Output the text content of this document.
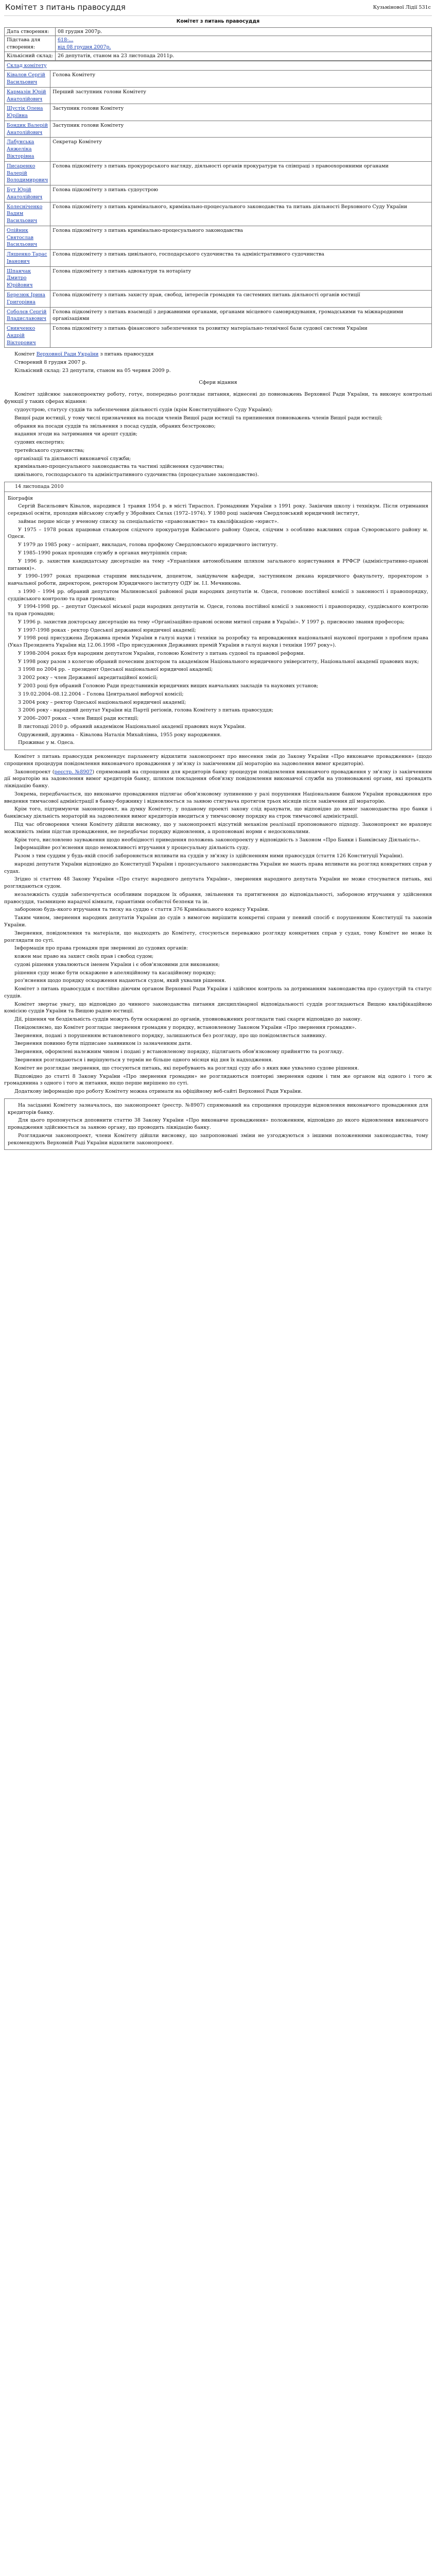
Комітет з питань правосуддя	Кузьмінової Лідії 531с
Комітет з питань правосуддя
Дата створення:	08 грудня 2007р.
Підстава для створення:	618-...
від 08 грудня 2007р.
Кількісний склад:	26 депутатів, станом на 23 листопада 2011р.
Склад комітету	
Ківалов Сергій Васильович	Голова Комітету
Кармазін Юрій Анатолійович	Перший заступник голови Комітету
Шустік Олена Юріївна	Заступник голови Комітету
Бондик Валерій Анатолійович	Заступник голови Комітету
Лабунська Анжеліка Вікторівна	Секретар Комітету
Писаренко Валерій Володимирович	Голова підкомітету з питань прокурорського нагляду, діяльності органів прокуратури та співпраці з правоохоронними органами
Бут Юрій Анатолійович	Голова підкомітету з питань судоустрою
Колесніченко Вадим Васильович	Голова підкомітету з питань кримінального, кримінально-процесуального законодавства та питань діяльності Верховного Суду України
Олійник Святослав Васильович	Голова підкомітету з питань кримінально-процесуального законодавства
Ляшенко Тарас Іванович	Голова підкомітету з питань цивільного, господарського судочинства та адміністративного судочинства
Шпанчак Дмитро Юрійович	Голова підкомітету з питань адвокатури та нотаріату
Березюк Ірина Григорівна	Голова підкомітету з питань захисту прав, свобод, інтересів громадян та системних питань діяльності органів юстиції
Соболєв Сергій Владиславович	Голова підкомітету з питань взаємодії з державними органами, органами місцевого самоврядування, громадськими та міжнародними організаціями
Свинченко Андрій Вікторович	Голова підкомітету з питань фінансового забезпечення та розвитку матеріально-технічної бази судової системи України

Комітет Верховної Ради України з питань правосуддя

Створений 8 грудня 2007 р.

Кількісний склад: 23 депутати, станом на 05 червня 2009 р.

Сфери відання

Комітет здійснює законопроектну роботу, готує, попередньо розглядає питання, віднесені до повноважень Верховної Ради України, та виконує контрольні функції у таких сферах відання:

судоустрою, статусу суддів та забезпечення діяльності судів (крім Конституційного Суду України);

Вищої ради юстиції, у тому числі призначення на посади членів Вищої ради юстиції та припинення повноважень членів Вищої ради юстиції;

обрання на посади суддів та звільнення з посад суддів, обраних безстроково;

надання згоди на затримання чи арешт суддів;

судових експертиз;

третейського судочинства;

організації та діяльності виконавчої служби;

кримінально-процесуального законодавства та частині здійснення судочинства;

цивільного, господарського та адміністративного судочинства (процесуальне законодавство).

14 листопада 2010

Біографія

Сергій Васильович Ківалов, народився 1 травня 1954 р. в місті Тираспол. Громадянин України з 1991 року. Закінчив школу і технікум. Після отримання середньої освіти, проходив військову службу у Збройних Силах (1972–1974). У 1980 році закінчив Свердловський юридичний інститут,

займає перше місце у вченому списку за спеціальністю «правознавство» та кваліфікацією «юрист».

У 1975 – 1978 роках працював стажером слідчого прокуратури Київського району Одеси, слідчим з особливо важливих справ Суворовського району м. Одеси.

У 1979 до 1985 року – аспірант, викладач, голова профкому Свердловського юридичного інституту.

У 1985–1990 роках проходив службу в органах внутрішніх справ;

У 1996 р. захистив кандидатську дисертацію на тему «Управління автомобільним шляхом загального користування в РРФСР (адміністративно-правові питання)».

У 1990–1997 роках працював старшим викладачем, доцентом, завідувачем кафедри, заступником декана юридичного факультету, проректором з навчальної роботи, директором, ректором Юридичного інституту ОДУ ім. І.І. Мечникова.

з 1990 – 1994 рр. обраний депутатом Малиновської районної ради народних депутатів м. Одеси, головою постійної комісії з законності і правопорядку, суддівського контролю та прав громадян;

У 1994-1998 рр. – депутат Одеської міської ради народних депутатів м. Одеси, голова постійної комісії з законності і правопорядку, суддівського контролю та прав громадян;

У 1996 р. захистив докторську дисертацію на тему «Організаційно-правові основи митної справи в Україні». У 1997 р. присвоєно звання професора;

У 1997-1998 роках - ректор Одеської державної юридичної академії;

У 1998 році присуджена Державна премія України в галузі науки і техніки за розробку та впровадження національної наукової програми з проблем права (Указ Президента України від 12.06.1998 «Про присудження Державних премій України в галузі науки і техніки 1997 року»).

У 1998-2004 роках був народним депутатом України, головою Комітету з питань судової та правової реформи.

У 1998 року разом з колегою обраний почесним доктором та академіком Національного юридичного університету, Національної академії правових наук;

З 1998 по 2004 рр. – президент Одеської національної юридичної академії;

З 2002 року – член Державної акредитаційної комісії;

У 2003 році був обраний Головою Ради представників юридичних вищих навчальних закладів та наукових установ;

З 19.02.2004–08.12.2004 – Голова Центральної виборчої комісії;

З 2004 року – ректор Одеської національної юридичної академії;

З 2006 року - народний депутат України від Партії регіонів, голова Комітету з питань правосуддя;

У 2006–2007 роках – член Вищої ради юстиції;

В листопаді 2010 р. обраний академіком Національної академії правових наук України.

Одружений, дружина – Ківалова Наталія Михайлівна, 1955 року народження.

Проживає у м. Одеса.

Комітет з питань правосуддя рекомендує парламенту відхилити законопроект про внесення змін до Закону України «Про виконавче провадження» (щодо спрощення процедури повідомлення виконавчого провадження у зв'язку із закінченням дії мораторію на задоволення вимог кредиторів).

Законопроект (реєстр. №8907) спрямований на спрощення для кредиторів банку процедури повідомлення виконавчого провадження у зв'язку із закінченням дії мораторію на задоволення вимог кредиторів банку, шляхом покладення обов'язку повідомлення виконавчої служби на уповноважені органи, які провадять ліквідацію банку.

Зокрема, передбачається, що виконавче провадження підлягає обов'язковому зупиненню у разі порушення Національним банком України провадження про введення тимчасової адміністрації в банку-боржнику і відновлюється за заявою стягувача протягом трьох місяців після закінчення дії мораторію.

Крім того, підтримуючи законопроект, на думку Комітету, у поданому проекті закону слід врахувати, що відповідно до вимог законодавства про банки і банківську діяльність мораторій на задоволення вимог кредиторів вводиться у тимчасовому порядку на строк тимчасової адміністрації.

Під час обговорення члени Комітету дійшли висновку, що у законопроекті відсутній механізм реалізації пропонованого підходу. Законопроект не враховує можливість зміни підстав провадження, не передбачає порядку відновлення, а пропоновані норми є недосконалими.

Крім того, висловлено зауваження щодо необхідності приведення положень законопроекту у відповідність з Законом «Про Банки і Банківську Діяльність».

Інформаційне роз'яснення щодо неможливості втручання у процесуальну діяльність суду.

Разом з тим суддям у будь-якій спосіб забороняється впливати на суддів у зв'язку із здійсненням ними правосуддя (стаття 126 Конституції України).

народні депутати України відповідно до Конституції України і процесуального законодавства України не мають права впливати на розгляд конкретних справ у судах.

Згідно зі статтею 48 Закону України «Про статус народного депутата України», звернення народного депутата України не може стосуватися питань, які розглядаються судом.

незалежність суддів забезпечується особливим порядком їх обрання, звільнення та притягнення до відповідальності, забороною втручання у здійснення правосуддя, таємницею нарадчої кімнати, гарантіями особистої безпеки та ін.

забороною будь-якого втручання та тиску на суддю є стаття 376 Кримінального кодексу України.

Таким чином, звернення народних депутатів України до судів з вимогою вирішити конкретні справи у певний спосіб є порушенням Конституції та законів України.

Звернення, повідомлення та матеріали, що надходять до Комітету, стосуються переважно розгляду конкретних справ у судах, тому Комітет не може їх розглядати по суті.

Інформація про права громадян при зверненні до судових органів:

кожен має право на захист своїх прав і свобод судом;

судові рішення ухвалюються іменем України і є обов'язковими для виконання;

рішення суду може бути оскаржене в апеляційному та касаційному порядку;

роз'яснення щодо порядку оскарження надаються судом, який ухвалив рішення.

Комітет з питань правосуддя є постійно діючим органом Верховної Ради України і здійснює контроль за дотриманням законодавства про судоустрій та статус суддів.

Комітет звертає увагу, що відповідно до чинного законодавства питання дисциплінарної відповідальності суддів розглядаються Вищою кваліфікаційною комісією суддів України та Вищою радою юстиції.

Дії, рішення чи бездіяльність суддів можуть бути оскаржені до органів, уповноважених розглядати такі скарги відповідно до закону.

Повідомляємо, що Комітет розглядає звернення громадян у порядку, встановленому Законом України «Про звернення громадян».

Звернення, подані з порушенням встановленого порядку, залишаються без розгляду, про що повідомляється заявнику.

Звернення повинно бути підписане заявником із зазначенням дати.

Звернення, оформлені належним чином і подані у встановленому порядку, підлягають обов'язковому прийняттю та розгляду.

Звернення розглядаються і вирішуються у термін не більше одного місяця від дня їх надходження.

Комітет не розглядає звернення, що стосуються питань, які перебувають на розгляді суду або з яких вже ухвалено судове рішення.

Відповідно до статті 8 Закону України «Про звернення громадян» не розглядаються повторні звернення одним і тим же органом від одного і того ж громадянина з одного і того ж питання, якщо перше вирішено по суті.

Додаткову інформацію про роботу Комітету можна отримати на офіційному веб-сайті Верховної Ради України.

На засіданні Комітету зазначалось, що законопроект (реєстр. №8907) спрямований на спрощення процедури відновлення виконавчого провадження для кредиторів банку.

Для цього пропонується доповнити статтю 38 Закону України «Про виконавче провадження» положенням, відповідно до якого відновлення виконавчого провадження здійснюється за заявою органу, що проводить ліквідацію банку.

Розглядаючи законопроект, члени Комітету дійшли висновку, що запропоновані зміни не узгоджуються з іншими положеннями законодавства, тому рекомендують Верховній Раді України відхилити законопроект.
